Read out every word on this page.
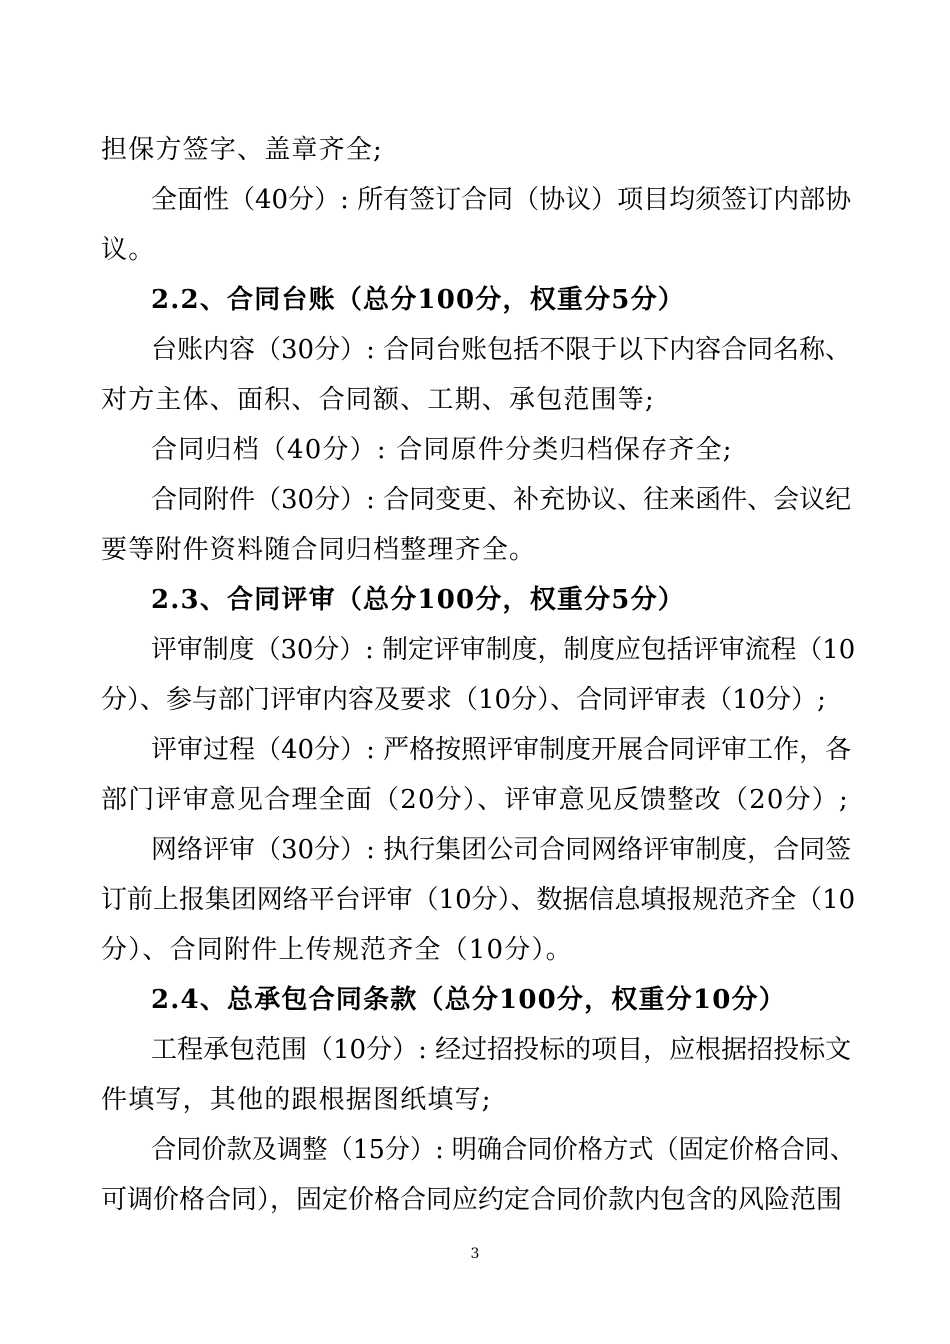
担保方签字、盖章齐全;
全面性（40分）: 所有签订合同（协议）项目均须签订内部协
议。
2.2、合同台账（总分100分，权重分5分）
台账内容（30分）: 合同台账包括不限于以下内容合同名称、
对方主体、面积、合同额、工期、承包范围等;
合同归档（40分）: 合同原件分类归档保存齐全;
合同附件（30分）: 合同变更、补充协议、往来函件、会议纪
要等附件资料随合同归档整理齐全。
2.3、合同评审（总分100分，权重分5分）
评审制度（30分）: 制定评审制度，制度应包括评审流程（10
分）、参与部门评审内容及要求（10分）、合同评审表（10分）;
评审过程（40分）: 严格按照评审制度开展合同评审工作，各
部门评审意见合理全面（20分）、评审意见反馈整改（20分）;
网络评审（30分）: 执行集团公司合同网络评审制度，合同签
订前上报集团网络平台评审（10分）、数据信息填报规范齐全（10
分）、合同附件上传规范齐全（10分）。
2.4、总承包合同条款（总分100分，权重分10分）
工程承包范围（10分）: 经过招投标的项目，应根据招投标文
件填写，其他的跟根据图纸填写;
合同价款及调整（15分）: 明确合同价格方式（固定价格合同、
可调价格合同），固定价格合同应约定合同价款内包含的风险范围
3
